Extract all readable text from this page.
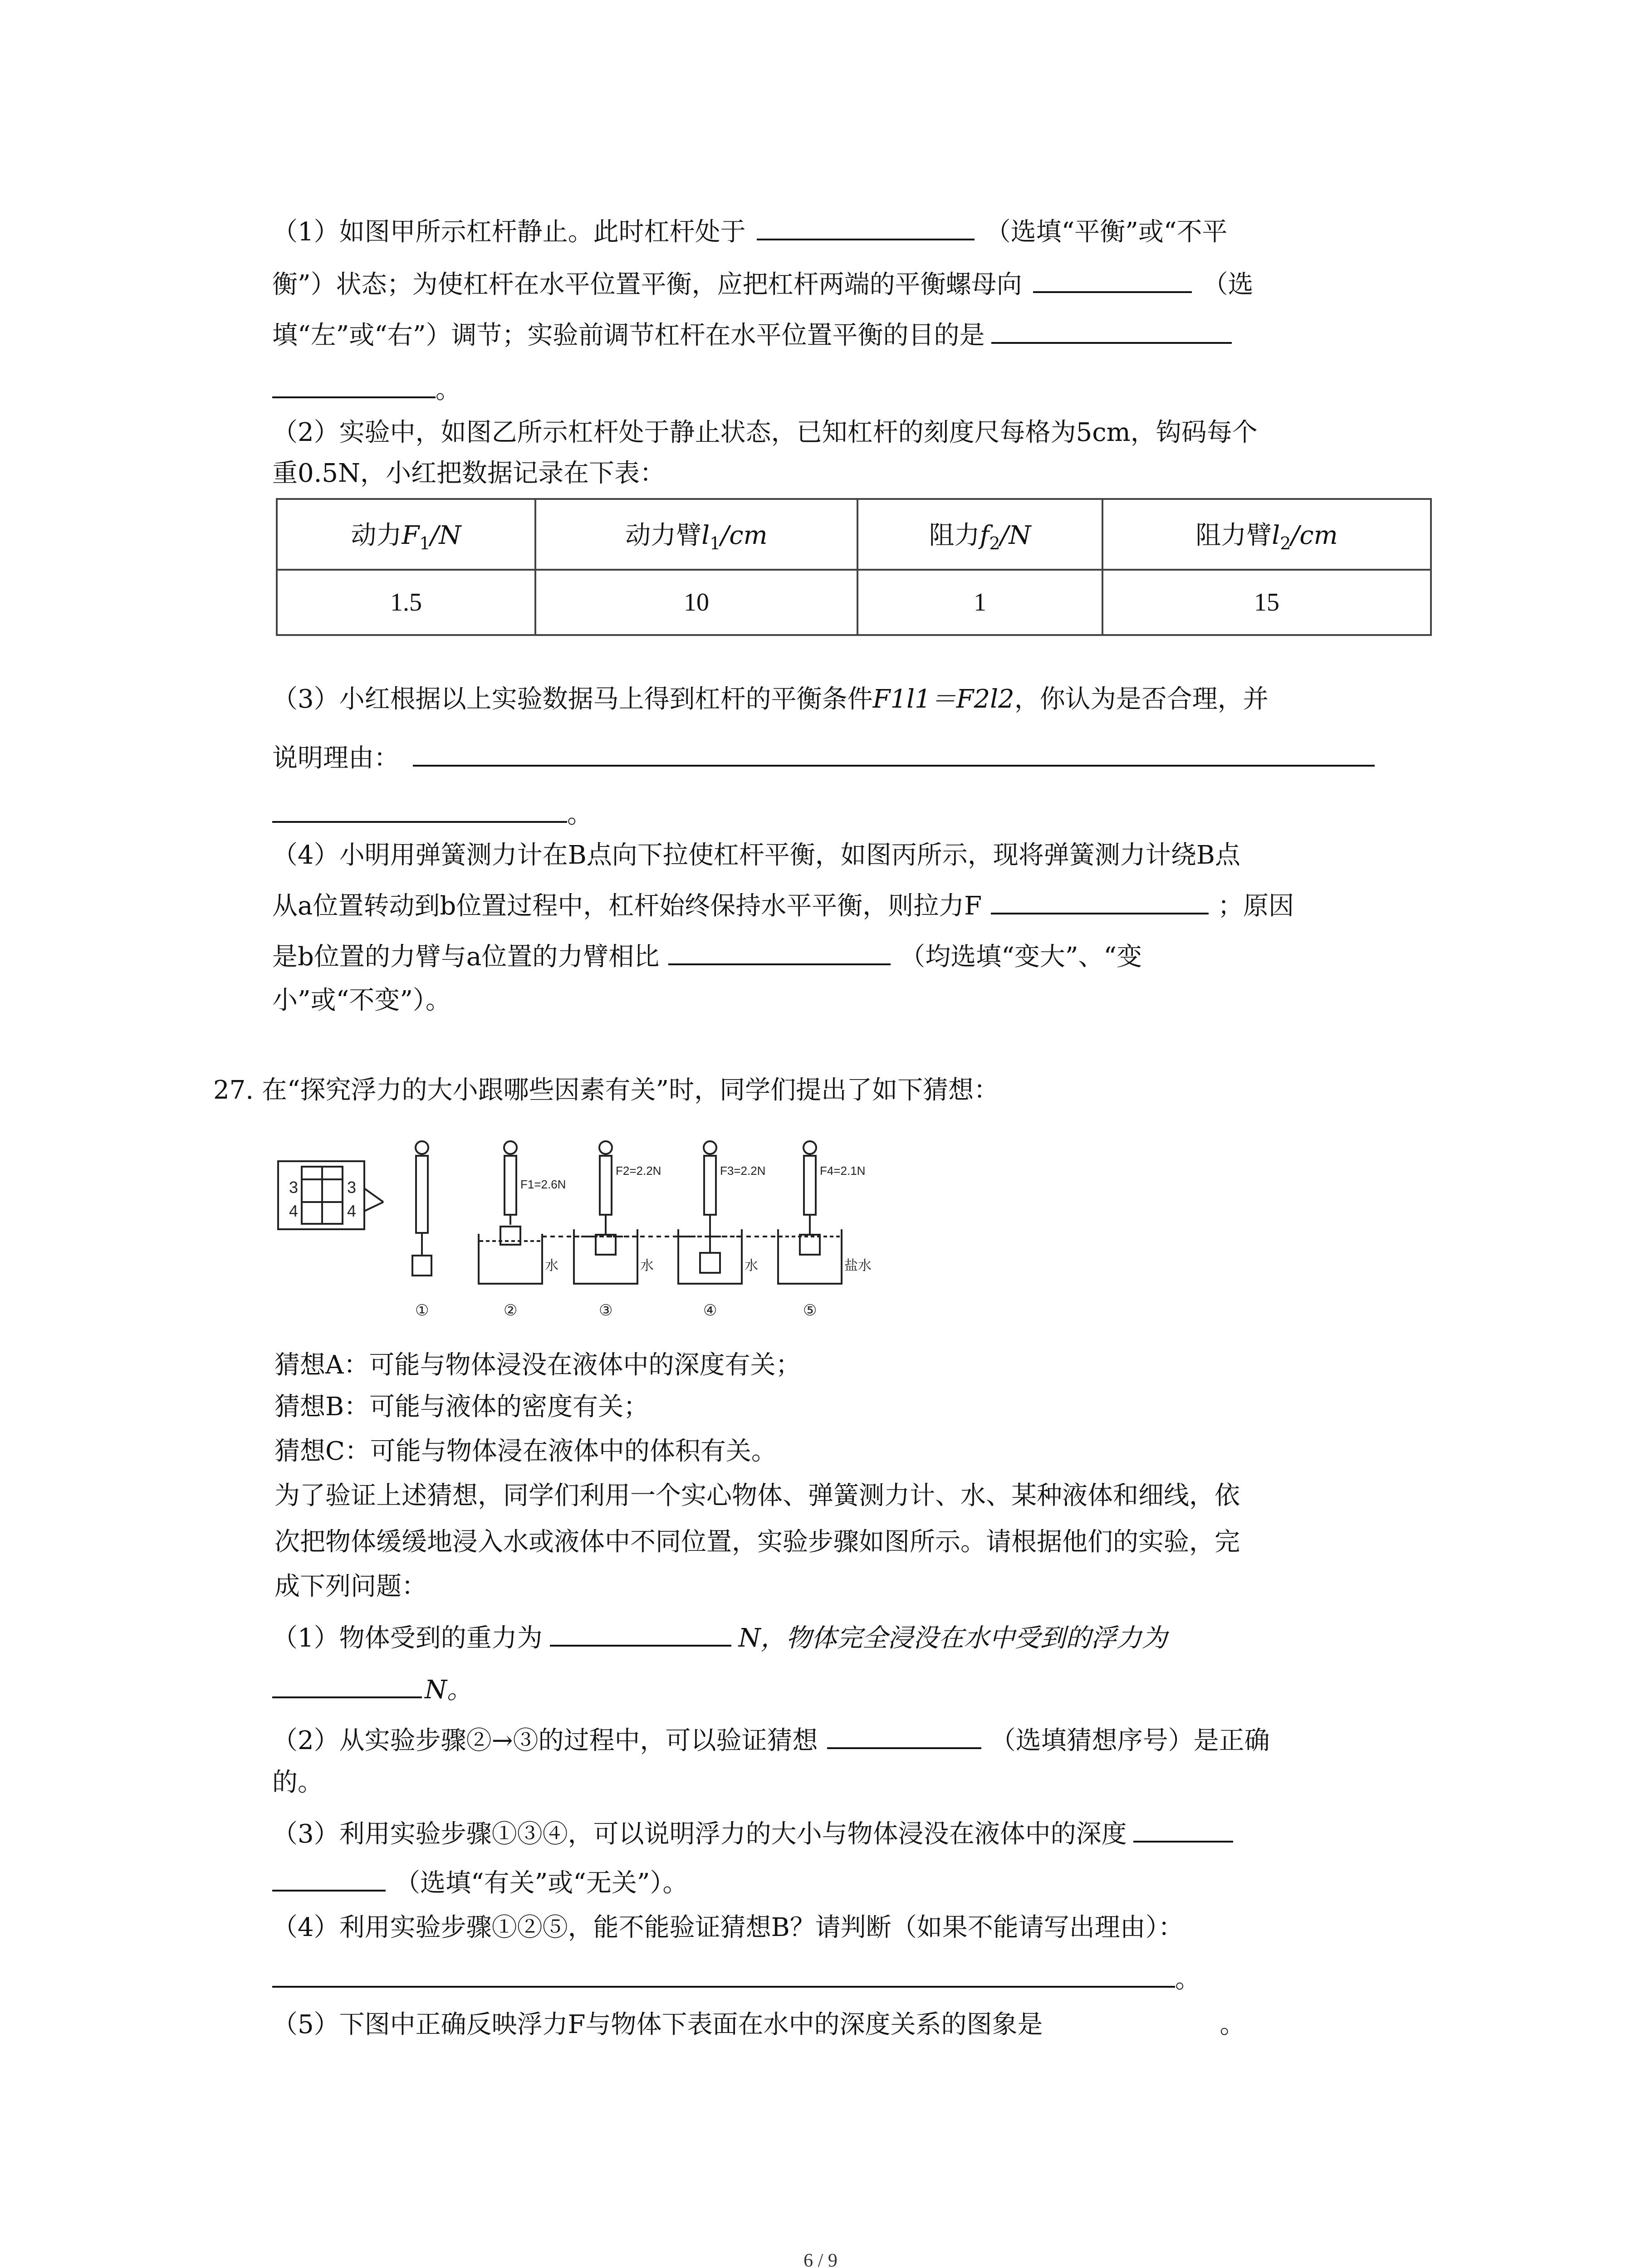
（1）如图甲所示杠杆静止。此时杠杆处于	（选填“平衡”或“不平
衡”）状态；为使杠杆在水平位置平衡，应把杠杆两端的平衡螺母向	（选
填“左”或“右”）调节；实验前调节杠杆在水平位置平衡的目的是
。
（2）实验中，如图乙所示杠杆处于静止状态，已知杠杆的刻度尺每格为5cm，钩码每个
重0.5N，小红把数据记录在下表：
动力$F_1/N$	动力臂$l_1/cm$	阻力$f_2/N$	阻力臂$l_2/cm$
1.5	10	1	15
（3）小红根据以上实验数据马上得到杠杆的平衡条件F1l1＝F2l2，你认为是否合理，并
说明理由：
。
（4）小明用弹簧测力计在B点向下拉使杠杆平衡，如图丙所示，现将弹簧测力计绕B点
从a位置转动到b位置过程中，杠杆始终保持水平平衡，则拉力F	；原因
是b位置的力臂与a位置的力臂相比	（均选填“变大”、“变
小”或“不变”）。
27. 在“探究浮力的大小跟哪些因素有关”时，同学们提出了如下猜想：
3	3
4	4
F1=2.6N
F2=2.2N	F3=2.2N	F4=2.1N
水	水	水	盐水
①	②	③	④	⑤
猜想A：可能与物体浸没在液体中的深度有关；
猜想B：可能与液体的密度有关；
猜想C：可能与物体浸在液体中的体积有关。
为了验证上述猜想，同学们利用一个实心物体、弹簧测力计、水、某种液体和细线，依
次把物体缓缓地浸入水或液体中不同位置，实验步骤如图所示。请根据他们的实验，完
成下列问题：
（1）物体受到的重力为	N，物体完全浸没在水中受到的浮力为
N。
（2）从实验步骤②→③的过程中，可以验证猜想	（选填猜想序号）是正确
的。
（3）利用实验步骤①③④，可以说明浮力的大小与物体浸没在液体中的深度
（选填“有关”或“无关”）。
（4）利用实验步骤①②⑤，能不能验证猜想B？请判断（如果不能请写出理由）：
。
（5）下图中正确反映浮力F与物体下表面在水中的深度关系的图象是	。
6 / 9
